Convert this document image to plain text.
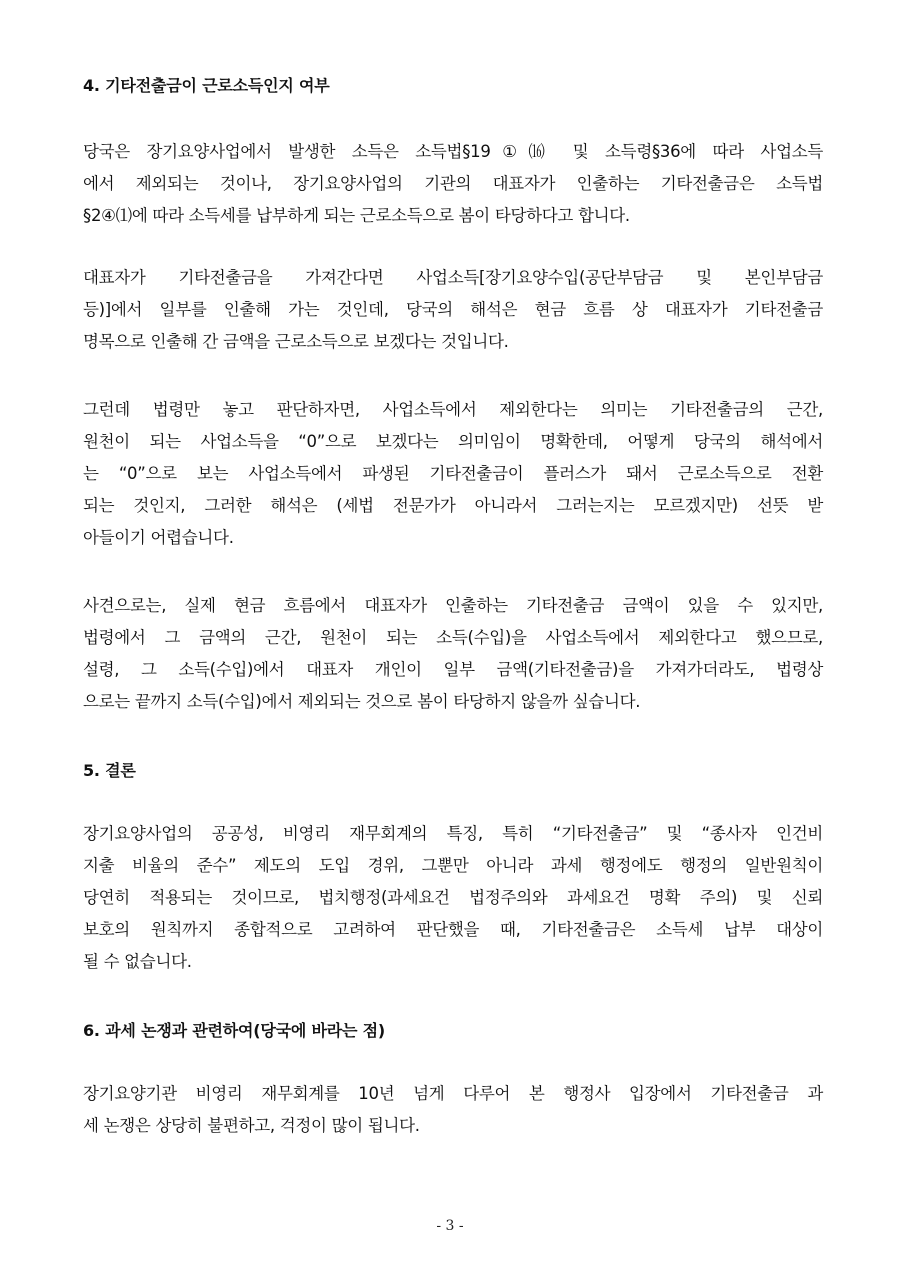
4. 기타전출금이 근로소득인지 여부
당국은 장기요양사업에서 발생한 소득은 소득법§19①⒃ 및 소득령§36에 따라 사업소득
에서 제외되는 것이나, 장기요양사업의 기관의 대표자가 인출하는 기타전출금은 소득법
§2④⑴에 따라 소득세를 납부하게 되는 근로소득으로 봄이 타당하다고 합니다.
대표자가 기타전출금을 가져간다면 사업소득[장기요양수입(공단부담금 및 본인부담금
등)]에서 일부를 인출해 가는 것인데, 당국의 해석은 현금 흐름 상 대표자가 기타전출금
명목으로 인출해 간 금액을 근로소득으로 보겠다는 것입니다.
그런데 법령만 놓고 판단하자면, 사업소득에서 제외한다는 의미는 기타전출금의 근간,
원천이 되는 사업소득을 “0”으로 보겠다는 의미임이 명확한데, 어떻게 당국의 해석에서
는 “0”으로 보는 사업소득에서 파생된 기타전출금이 플러스가 돼서 근로소득으로 전환
되는 것인지, 그러한 해석은 (세법 전문가가 아니라서 그러는지는 모르겠지만) 선뜻 받
아들이기 어렵습니다.
사견으로는, 실제 현금 흐름에서 대표자가 인출하는 기타전출금 금액이 있을 수 있지만,
법령에서 그 금액의 근간, 원천이 되는 소득(수입)을 사업소득에서 제외한다고 했으므로,
설령, 그 소득(수입)에서 대표자 개인이 일부 금액(기타전출금)을 가져가더라도, 법령상
으로는 끝까지 소득(수입)에서 제외되는 것으로 봄이 타당하지 않을까 싶습니다.
5. 결론
장기요양사업의 공공성, 비영리 재무회계의 특징, 특히 “기타전출금” 및 “종사자 인건비
지출 비율의 준수” 제도의 도입 경위, 그뿐만 아니라 과세 행정에도 행정의 일반원칙이
당연히 적용되는 것이므로, 법치행정(과세요건 법정주의와 과세요건 명확 주의) 및 신뢰
보호의 원칙까지 종합적으로 고려하여 판단했을 때, 기타전출금은 소득세 납부 대상이
될 수 없습니다.
6. 과세 논쟁과 관련하여(당국에 바라는 점)
장기요양기관 비영리 재무회계를 10년 넘게 다루어 본 행정사 입장에서 기타전출금 과
세 논쟁은 상당히 불편하고, 걱정이 많이 됩니다.
- 3 -
